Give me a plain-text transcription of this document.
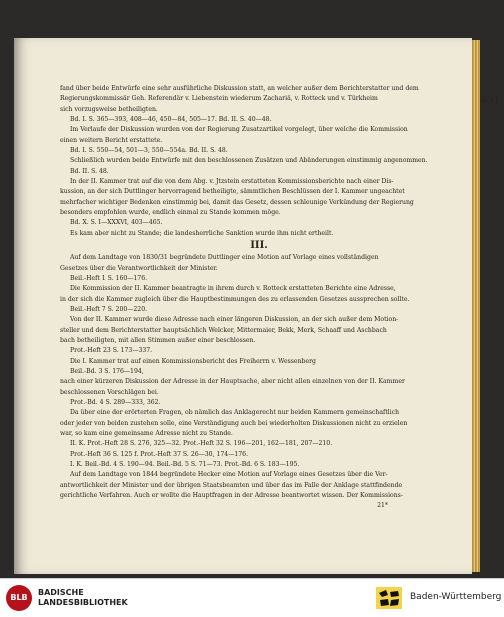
431

fand über beide Entwürfe eine sehr ausführliche Diskussion statt, an welcher außer dem Berichterstatter und dem

Regierungskommissär Geh. Referendär v. Liebenstein wiederum Zachariä, v. Rotteck und v. Türkheim

sich vorzugsweise betheiligten.

Bd. I. S. 365—393, 408—46, 450—84, 505—17. Bd. II. S. 40—48.

Im Verlaufe der Diskussion wurden von der Regierung Zusatzartikel vorgelegt, über welche die Kommission

einen weitern Bericht erstattete.

Bd. I. S. 550—54, 501—3, 550—554a. Bd. II. S. 48.

Schließlich wurden beide Entwürfe mit den beschlossenen Zusätzen und Abänderungen einstimmig angenommen.

Bd. II. S. 48.

In der II. Kammer trat auf die von dem Abg. v. Jtzstein erstatteten Kommissionsberichte nach einer Dis-

kussion, an der sich Duttlinger hervorragend betheiligte, sämmtlichen Beschlüssen der I. Kammer ungeachtet

mehrfacher wichtiger Bedenken einstimmig bei, damit das Gesetz, dessen schleunige Verkündung der Regierung

besonders empfohlen wurde, endlich einmal zu Stande kommen möge.

Bd. X. S. I—XXXVI, 403—465.

Es kam aber nicht zu Stande; die landesherrliche Sanktion wurde ihm nicht ertheilt.

III.

Auf dem Landtage von 1830/31 begründete Duttlinger eine Motion auf Vorlage eines vollständigen

Gesetzes über die Verantwortlichkeit der Minister.

Beil.-Heft 1 S. 160—176.

Die Kommission der II. Kammer beantragte in ihrem durch v. Rotteck erstatteten Berichte eine Adresse,

in der sich die Kammer zugleich über die Hauptbestimmungen des zu erlassenden Gesetzes aussprechen sollte.

Beil.-Heft 7 S. 200—220.

Von der II. Kammer wurde diese Adresse nach einer längeren Diskussion, an der sich außer dem Motion-

steller und dem Berichterstatter hauptsächlich Welcker, Mittermaier, Bekk, Merk, Schaaff und Aschbach

bach betheiligten, mit allen Stimmen außer einer beschlossen.

Prot.-Heft 23 S. 173—337.

Die I. Kammer trat auf einen Kommissionsbericht des Freiherrn v. Wessenberg

Beil.-Bd. 3 S. 176—194,

nach einer kürzeren Diskussion der Adresse in der Hauptsache, aber nicht allen einzelnen von der II. Kammer

beschlossenen Vorschlägen bei.

Prot.-Bd. 4 S. 289—333, 362.

Da über eine der erörterten Fragen, ob nämlich das Anklagerecht nur beiden Kammern gemeinschaftlich

oder jeder von beiden zustehen solle, eine Verständigung auch bei wiederholten Diskussionen nicht zu erzielen

war, so kam eine gemeinsame Adresse nicht zu Stande.

II. K. Prot.-Heft 28 S. 276, 325—32. Prot.-Heft 32 S. 196—201, 162—181, 207—210.

Prot.-Heft 36 S. 125 f. Prot.-Heft 37 S. 26—30, 174—176.

I. K. Beil.-Bd. 4 S. 190—94. Beil.-Bd. 5 S. 71—73. Prot.-Bd. 6 S. 183—195.

Auf dem Landtage von 1844 begründete Hecker eine Motion auf Vorlage eines Gesetzes über die Ver-

antwortlichkeit der Minister und der übrigen Staatsbeamten und über das im Falle der Anklage stattfindende

gerichtliche Verfahren. Auch er wollte die Hauptfragen in der Adresse beantwortet wissen. Der Kommissions-

21*

BLB
BADISCHE
LANDESBIBLIOTHEK
Baden-Württemberg
